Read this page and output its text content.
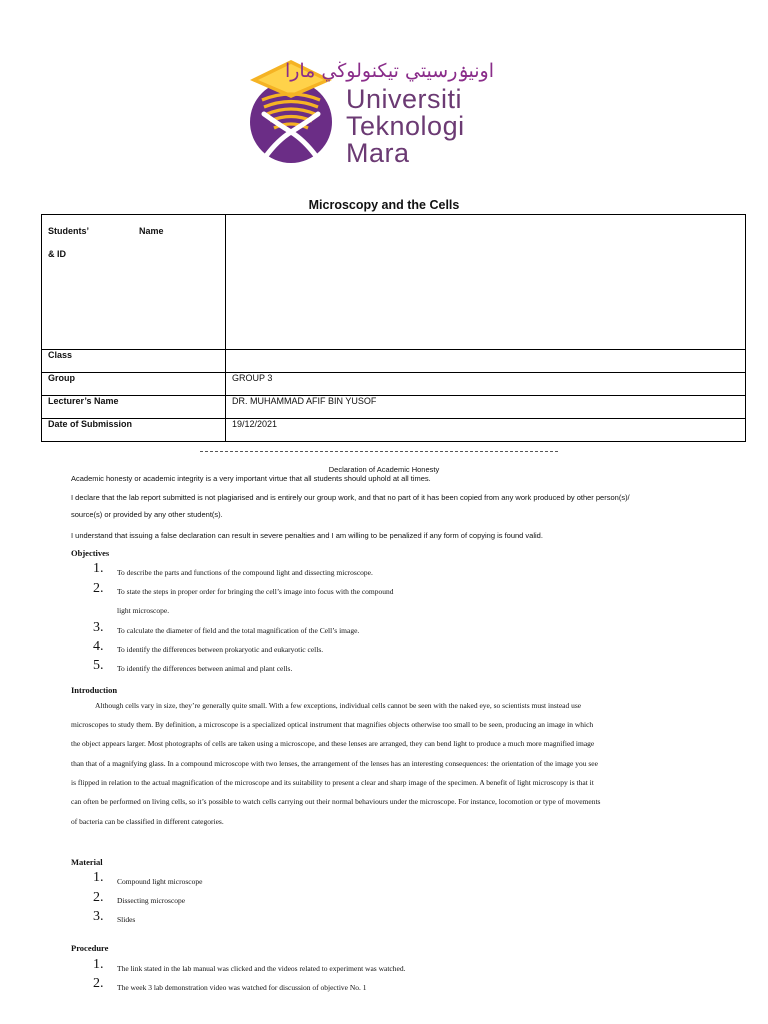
اونيۏرسيتي تيكنولوڬي مارا
Universiti
Teknologi
Mara
Microscopy and the Cells
Students’ Name
& ID	

Class	
Group	GROUP 3
Lecturer’s Name	DR. MUHAMMAD AFIF BIN YUSOF
Date of Submission	19/12/2021
Declaration of Academic Honesty
Academic honesty or academic integrity is a very important virtue that all students should uphold at all times.
I declare that the lab report submitted is not plagiarised and is entirely our group work, and that no part of it has been copied from any work produced by other person(s)/
source(s) or provided by any other student(s).
I understand that issuing a false declaration can result in severe penalties and I am willing to be penalized if any form of copying is found valid.
Objectives
1. To describe the parts and functions of the compound light and dissecting microscope.
2. To state the steps in proper order for bringing the cell’s image into focus with the compound
light microscope.
3. To calculate the diameter of field and the total magnification of the Cell’s image.
4. To identify the differences between prokaryotic and eukaryotic cells.
5. To identify the differences between animal and plant cells.
Introduction
Although cells vary in size, they’re generally quite small. With a few exceptions, individual cells cannot be seen with the naked eye, so scientists must instead use
microscopes to study them. By definition, a microscope is a specialized optical instrument that magnifies objects otherwise too small to be seen, producing an image in which
the object appears larger. Most photographs of cells are taken using a microscope, and these lenses are arranged, they can bend light to produce a much more magnified image
than that of a magnifying glass. In a compound microscope with two lenses, the arrangement of the lenses has an interesting consequences: the orientation of the image you see
is flipped in relation to the actual magnification of the microscope and its suitability to present a clear and sharp image of the specimen. A benefit of light microscopy is that it
can often be performed on living cells, so it’s possible to watch cells carrying out their normal behaviours under the microscope. For instance, locomotion or type of movements
of bacteria can be classified in different categories.
Material
1. Compound light microscope
2. Dissecting microscope
3. Slides
Procedure
1. The link stated in the lab manual was clicked and the videos related to experiment was watched.
2. The week 3 lab demonstration video was watched for discussion of objective No. 1
